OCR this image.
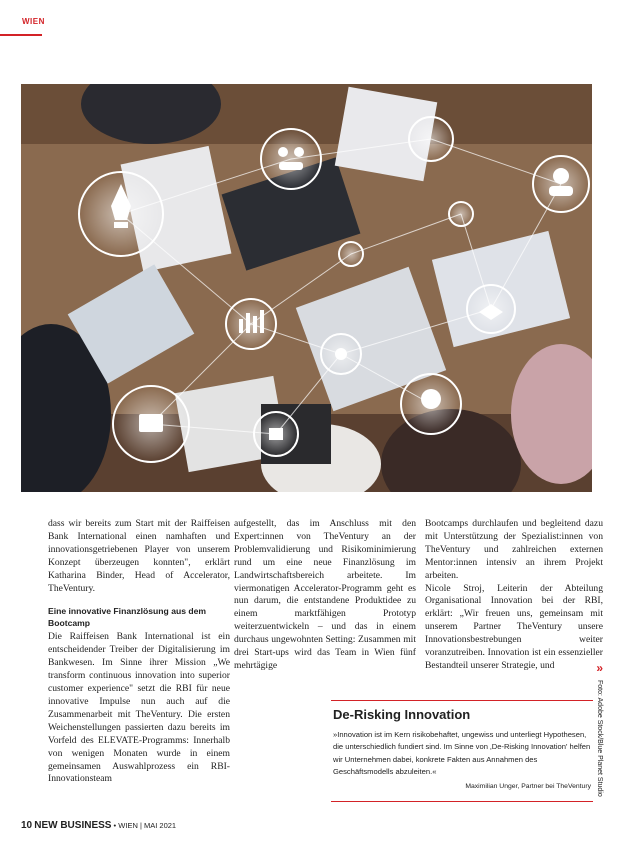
WIEN

dass wir bereits zum Start mit der Raiffeisen Bank International einen namhaften und innovationsgetriebenen Player von unserem Konzept überzeugen konnten", erklärt Katharina Binder, Head of Accelerator, TheVentury.

Eine innovative Finanzlösung aus dem Bootcamp

Die Raiffeisen Bank International ist ein entscheidender Treiber der Digitalisierung im Bankwesen. Im Sinne ihrer Mission „We transform continuous innovation into superior customer experience" setzt die RBI für neue innovative Impulse nun auch auf die Zusammenarbeit mit TheVentury. Die ersten Weichenstellungen passierten dazu bereits im Vorfeld des ELEVATE-Programms: Innerhalb von wenigen Monaten wurde in einem gemeinsamen Auswahlprozess ein RBI-Innovationsteam

aufgestellt, das im Anschluss mit den Expert:innen von TheVentury an der Problemvalidierung und Risikominimierung rund um eine neue Finanzlösung im Landwirtschaftsbereich arbeitete. Im viermonatigen Accelerator-Programm geht es nun darum, die entstandene Produktidee zu einem marktfähigen Prototyp weiterzuentwickeln – und das in einem durchaus ungewohnten Setting: Zusammen mit drei Start-ups wird das Team in Wien fünf mehrtägige

Bootcamps durchlaufen und begleitend dazu mit Unterstützung der Spezialist:innen von TheVentury und zahlreichen externen Mentor:innen intensiv an ihrem Projekt arbeiten.

Nicole Stroj, Leiterin der Abteilung Organisational Innovation bei der RBI, erklärt: „Wir freuen uns, gemeinsam mit unserem Partner TheVentury unsere Innovationsbestrebungen weiter voranzutreiben. Innovation ist ein essenzieller Bestandteil unserer Strategie, und	»
De-Risking Innovation
»Innovation ist im Kern risikobehaftet, ungewiss und unterliegt Hypothesen, die unterschiedlich fundiert sind. Im Sinne von ‚De-Risking Innovation' helfen wir Unternehmen dabei, konkrete Fakten aus Annahmen des Geschäftsmodells abzuleiten.«
Maximilian Unger, Partner bei TheVentury Foto: Adobe Stock/Blue Planet Studio
10 NEW BUSINESS • WIEN | MAI 2021
